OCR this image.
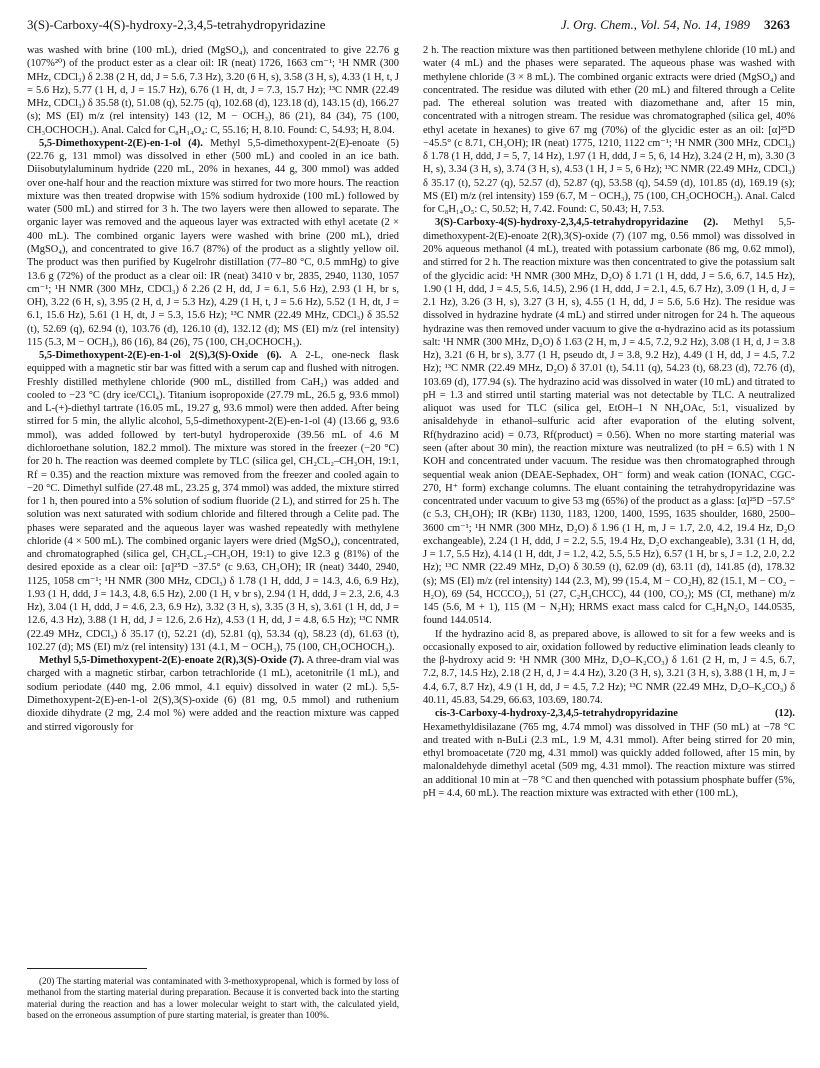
3(S)-Carboxy-4(S)-hydroxy-2,3,4,5-tetrahydropyridazine	J. Org. Chem., Vol. 54, No. 14, 1989 3263

was washed with brine (100 mL), dried (MgSO₄), and concentrated to give 22.76 g (107%²⁰) of the product ester as a clear oil: IR (neat) 1726, 1663 cm⁻¹; ¹H NMR (300 MHz, CDCl₃) δ 2.38 (2 H, dd, J = 5.6, 7.3 Hz), 3.20 (6 H, s), 3.58 (3 H, s), 4.33 (1 H, t, J = 5.6 Hz), 5.77 (1 H, d, J = 15.7 Hz), 6.76 (1 H, dt, J = 7.3, 15.7 Hz); ¹³C NMR (22.49 MHz, CDCl₃) δ 35.58 (t), 51.08 (q), 52.75 (q), 102.68 (d), 123.18 (d), 143.15 (d), 166.27 (s); MS (EI) m/z (rel intensity) 143 (12, M − OCH₃), 86 (21), 84 (34), 75 (100, CH₃OCHOCH₃). Anal. Calcd for C₈H₁₄O₄: C, 55.16; H, 8.10. Found: C, 54.93; H, 8.04.

5,5-Dimethoxypent-2(E)-en-1-ol (4). Methyl 5,5-dimethoxypent-2(E)-enoate (5) (22.76 g, 131 mmol) was dissolved in ether (500 mL) and cooled in an ice bath. Diisobutylaluminum hydride (220 mL, 20% in hexanes, 44 g, 300 mmol) was added over one-half hour and the reaction mixture was stirred for two more hours. The reaction mixture was then treated dropwise with 15% sodium hydroxide (100 mL) followed by water (500 mL) and stirred for 3 h. The two layers were then allowed to separate. The organic layer was removed and the aqueous layer was extracted with ethyl acetate (2 × 400 mL). The combined organic layers were washed with brine (200 mL), dried (MgSO₄), and concentrated to give 16.7 (87%) of the product as a slightly yellow oil. The product was then purified by Kugelrohr distillation (77–80 °C, 0.5 mmHg) to give 13.6 g (72%) of the product as a clear oil: IR (neat) 3410 v br, 2835, 2940, 1130, 1057 cm⁻¹; ¹H NMR (300 MHz, CDCl₃) δ 2.26 (2 H, dd, J = 6.1, 5.6 Hz), 2.93 (1 H, br s, OH), 3.22 (6 H, s), 3.95 (2 H, d, J = 5.3 Hz), 4.29 (1 H, t, J = 5.6 Hz), 5.52 (1 H, dt, J = 6.1, 15.6 Hz), 5.61 (1 H, dt, J = 5.3, 15.6 Hz); ¹³C NMR (22.49 MHz, CDCl₃) δ 35.52 (t), 52.69 (q), 62.94 (t), 103.76 (d), 126.10 (d), 132.12 (d); MS (EI) m/z (rel intensity) 115 (5.3, M − OCH₃), 86 (16), 84 (26), 75 (100, CH₃OCHOCH₃).

5,5-Dimethoxypent-2(E)-en-1-ol 2(S),3(S)-Oxide (6). A 2-L, one-neck flask equipped with a magnetic stir bar was fitted with a serum cap and flushed with nitrogen. Freshly distilled methylene chloride (900 mL, distilled from CaH₂) was added and cooled to −23 °C (dry ice/CCl₄). Titanium isopropoxide (27.79 mL, 26.5 g, 93.6 mmol) and L-(+)-diethyl tartrate (16.05 mL, 19.27 g, 93.6 mmol) were then added. After being stirred for 5 min, the allylic alcohol, 5,5-dimethoxypent-2(E)-en-1-ol (4) (13.66 g, 93.6 mmol), was added followed by tert-butyl hydroperoxide (39.56 mL of 4.6 M dichloroethane solution, 182.2 mmol). The mixture was stored in the freezer (−20 °C) for 20 h. The reaction was deemed complete by TLC (silica gel, CH₂CL₂–CH₃OH, 19:1, Rf = 0.35) and the reaction mixture was removed from the freezer and cooled again to −20 °C. Dimethyl sulfide (27.48 mL, 23.25 g, 374 mmol) was added, the mixture stirred for 1 h, then poured into a 5% solution of sodium fluoride (2 L), and stirred for 25 h. The solution was next saturated with sodium chloride and filtered through a Celite pad. The phases were separated and the aqueous layer was washed repeatedly with methylene chloride (4 × 500 mL). The combined organic layers were dried (MgSO₄), concentrated, and chromatographed (silica gel, CH₂CL₂–CH₃OH, 19:1) to give 12.3 g (81%) of the desired epoxide as a clear oil: [α]²⁵D −37.5° (c 9.63, CH₃OH); IR (neat) 3440, 2940, 1125, 1058 cm⁻¹; ¹H NMR (300 MHz, CDCl₃) δ 1.78 (1 H, ddd, J = 14.3, 4.6, 6.9 Hz), 1.93 (1 H, ddd, J = 14.3, 4.8, 6.5 Hz), 2.00 (1 H, v br s), 2.94 (1 H, ddd, J = 2.3, 2.6, 4.3 Hz), 3.04 (1 H, ddd, J = 4.6, 2.3, 6.9 Hz), 3.32 (3 H, s), 3.35 (3 H, s), 3.61 (1 H, dd, J = 12.6, 4.3 Hz), 3.88 (1 H, dd, J = 12.6, 2.6 Hz), 4.53 (1 H, dd, J = 4.8, 6.5 Hz); ¹³C NMR (22.49 MHz, CDCl₃) δ 35.17 (t), 52.21 (d), 52.81 (q), 53.34 (q), 58.23 (d), 61.63 (t), 102.27 (d); MS (EI) m/z (rel intensity) 131 (4.1, M − OCH₃), 75 (100, CH₃OCHOCH₃).

Methyl 5,5-Dimethoxypent-2(E)-enoate 2(R),3(S)-Oxide (7). A three-dram vial was charged with a magnetic stirbar, carbon tetrachloride (1 mL), acetonitrile (1 mL), and sodium periodate (440 mg, 2.06 mmol, 4.1 equiv) dissolved in water (2 mL). 5,5-Dimethoxypent-2(E)-en-1-ol 2(S),3(S)-oxide (6) (81 mg, 0.5 mmol) and ruthenium dioxide dihydrate (2 mg, 2.4 mol %) were added and the reaction mixture was capped and stirred vigorously for

(20) The starting material was contaminated with 3-methoxypropenal, which is formed by loss of methanol from the starting material during preparation. Because it is converted back into the starting material during the reaction and has a lower molecular weight to start with, the calculated yield, based on the erroneous assumption of pure starting material, is greater than 100%.

2 h. The reaction mixture was then partitioned between methylene chloride (10 mL) and water (4 mL) and the phases were separated. The aqueous phase was washed with methylene chloride (3 × 8 mL). The combined organic extracts were dried (MgSO₄) and concentrated. The residue was diluted with ether (20 mL) and filtered through a Celite pad. The ethereal solution was treated with diazomethane and, after 15 min, concentrated with a nitrogen stream. The residue was chromatographed (silica gel, 40% ethyl acetate in hexanes) to give 67 mg (70%) of the glycidic ester as an oil: [α]²⁵D −45.5° (c 8.71, CH₃OH); IR (neat) 1775, 1210, 1122 cm⁻¹; ¹H NMR (300 MHz, CDCl₃) δ 1.78 (1 H, ddd, J = 5, 7, 14 Hz), 1.97 (1 H, ddd, J = 5, 6, 14 Hz), 3.24 (2 H, m), 3.30 (3 H, s), 3.34 (3 H, s), 3.74 (3 H, s), 4.53 (1 H, J = 5, 6 Hz); ¹³C NMR (22.49 MHz, CDCl₃) δ 35.17 (t), 52.27 (q), 52.57 (d), 52.87 (q), 53.58 (q), 54.59 (d), 101.85 (d), 169.19 (s); MS (EI) m/z (rel intensity) 159 (6.7, M − OCH₃), 75 (100, CH₃OCHOCH₃). Anal. Calcd for C₈H₁₄O₅: C, 50.52; H, 7.42. Found: C, 50.43; H, 7.53.

3(S)-Carboxy-4(S)-hydroxy-2,3,4,5-tetrahydropyridazine (2). Methyl 5,5-dimethoxypent-2(E)-enoate 2(R),3(S)-oxide (7) (107 mg, 0.56 mmol) was dissolved in 20% aqueous methanol (4 mL), treated with potassium carbonate (86 mg, 0.62 mmol), and stirred for 2 h. The reaction mixture was then concentrated to give the potassium salt of the glycidic acid: ¹H NMR (300 MHz, D₂O) δ 1.71 (1 H, ddd, J = 5.6, 6.7, 14.5 Hz), 1.90 (1 H, ddd, J = 4.5, 5.6, 14.5), 2.96 (1 H, ddd, J = 2.1, 4.5, 6.7 Hz), 3.09 (1 H, d, J = 2.1 Hz), 3.26 (3 H, s), 3.27 (3 H, s), 4.55 (1 H, dd, J = 5.6, 5.6 Hz). The residue was dissolved in hydrazine hydrate (4 mL) and stirred under nitrogen for 24 h. The aqueous hydrazine was then removed under vacuum to give the α-hydrazino acid as its potassium salt: ¹H NMR (300 MHz, D₂O) δ 1.63 (2 H, m, J = 4.5, 7.2, 9.2 Hz), 3.08 (1 H, d, J = 3.8 Hz), 3.21 (6 H, br s), 3.77 (1 H, pseudo dt, J = 3.8, 9.2 Hz), 4.49 (1 H, dd, J = 4.5, 7.2 Hz); ¹³C NMR (22.49 MHz, D₂O) δ 37.01 (t), 54.11 (q), 54.23 (t), 68.23 (d), 72.76 (d), 103.69 (d), 177.94 (s). The hydrazino acid was dissolved in water (10 mL) and titrated to pH = 1.3 and stirred until starting material was not detectable by TLC. A neutralized aliquot was used for TLC (silica gel, EtOH–1 N NH₄OAc, 5:1, visualized by anisaldehyde in ethanol–sulfuric acid after evaporation of the eluting solvent, Rf(hydrazino acid) = 0.73, Rf(product) = 0.56). When no more starting material was seen (after about 30 min), the reaction mixture was neutralized (to pH = 6.5) with 1 N KOH and concentrated under vacuum. The residue was then chromatographed through sequential weak anion (DEAE-Sephadex, OH⁻ form) and weak cation (IONAC, CGC-270, H⁺ form) exchange columns. The eluant containing the tetrahydropyridazine was concentrated under vacuum to give 53 mg (65%) of the product as a glass: [α]²⁵D −57.5° (c 5.3, CH₃OH); IR (KBr) 1130, 1183, 1200, 1400, 1595, 1635 shoulder, 1680, 2500–3600 cm⁻¹; ¹H NMR (300 MHz, D₂O) δ 1.96 (1 H, m, J = 1.7, 2.0, 4.2, 19.4 Hz, D₂O exchangeable), 2.24 (1 H, ddd, J = 2.2, 5.5, 19.4 Hz, D₂O exchangeable), 3.31 (1 H, dd, J = 1.7, 5.5 Hz), 4.14 (1 H, ddt, J = 1.2, 4.2, 5.5, 5.5 Hz), 6.57 (1 H, br s, J = 1.2, 2.0, 2.2 Hz); ¹³C NMR (22.49 MHz, D₂O) δ 30.59 (t), 62.09 (d), 63.11 (d), 141.85 (d), 178.32 (s); MS (EI) m/z (rel intensity) 144 (2.3, M), 99 (15.4, M − CO₂H), 82 (15.1, M − CO₂ − H₂O), 69 (54, HCCCO₂), 51 (27, C₂H₃CHCC), 44 (100, CO₂); MS (CI, methane) m/z 145 (5.6, M + 1), 115 (M − N₂H); HRMS exact mass calcd for C₅H₈N₂O₃ 144.0535, found 144.0514.

If the hydrazino acid 8, as prepared above, is allowed to sit for a few weeks and is occasionally exposed to air, oxidation followed by reductive elimination leads cleanly to the β-hydroxy acid 9: ¹H NMR (300 MHz, D₂O–K₂CO₃) δ 1.61 (2 H, m, J = 4.5, 6.7, 7.2, 8.7, 14.5 Hz), 2.18 (2 H, d, J = 4.4 Hz), 3.20 (3 H, s), 3.21 (3 H, s), 3.88 (1 H, m, J = 4.4, 6.7, 8.7 Hz), 4.9 (1 H, dd, J = 4.5, 7.2 Hz); ¹³C NMR (22.49 MHz, D₂O–K₂CO₃) δ 40.11, 45.83, 54.29, 66.63, 103.69, 180.74.

cis-3-Carboxy-4-hydroxy-2,3,4,5-tetrahydropyridazine (12). Hexamethyldisilazane (765 mg, 4.74 mmol) was dissolved in THF (50 mL) at −78 °C and treated with n-BuLi (2.3 mL, 1.9 M, 4.31 mmol). After being stirred for 20 min, ethyl bromoacetate (720 mg, 4.31 mmol) was quickly added followed, after 15 min, by malonaldehyde dimethyl acetal (509 mg, 4.31 mmol). The reaction mixture was stirred an additional 10 min at −78 °C and then quenched with potassium phosphate buffer (5%, pH = 4.4, 60 mL). The reaction mixture was extracted with ether (100 mL),
